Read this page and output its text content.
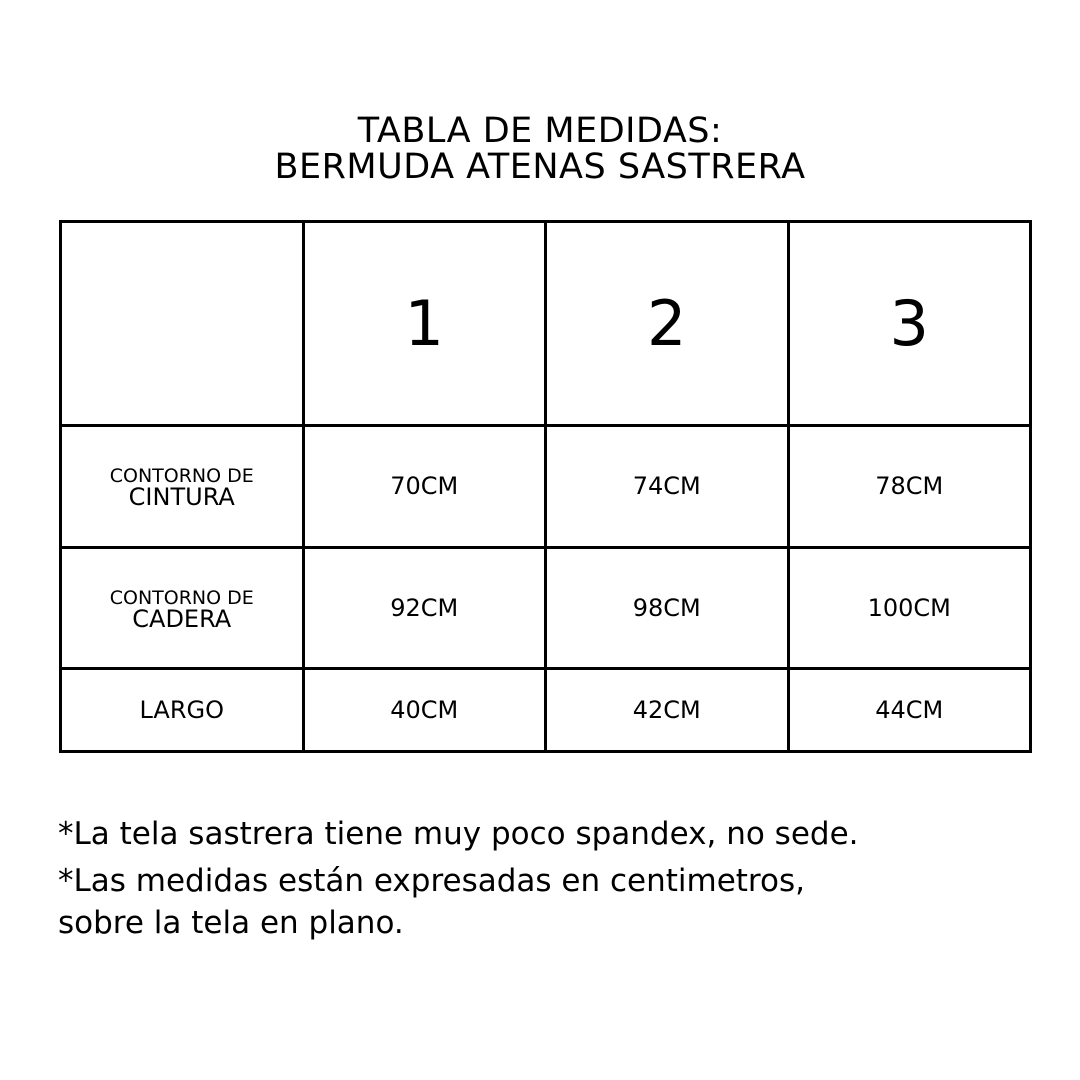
TABLA DE MEDIDAS:
BERMUDA ATENAS SASTRERA
	1	2	3

CONTORNO DE
CINTURA	70CM	74CM	78CM

CONTORNO DE
CADERA	92CM	98CM	100CM
LARGO	40CM	42CM	44CM

*La tela sastrera tiene muy poco spandex, no sede.

*Las medidas están expresadas en centimetros,

sobre la tela en plano.
